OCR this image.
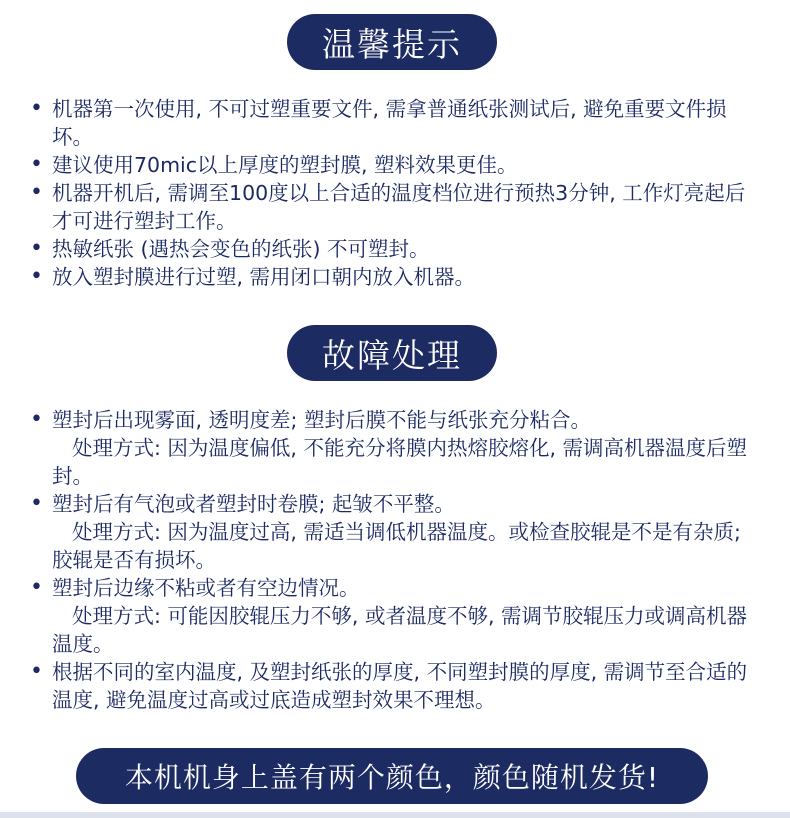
温馨提示
• 机器第一次使用, 不可过塑重要文件, 需拿普通纸张测试后, 避免重要文件损坏。
• 建议使用70mic以上厚度的塑封膜, 塑料效果更佳。
• 机器开机后, 需调至100度以上合适的温度档位进行预热3分钟, 工作灯亮起后才可进行塑封工作。
• 热敏纸张 (遇热会变色的纸张) 不可塑封。
• 放入塑封膜进行过塑, 需用闭口朝内放入机器。
故障处理
• 塑封后出现雾面, 透明度差; 塑封后膜不能与纸张充分粘合。
处理方式: 因为温度偏低, 不能充分将膜内热熔胶熔化, 需调高机器温度后塑封。
• 塑封后有气泡或者塑封时卷膜; 起皱不平整。
处理方式: 因为温度过高, 需适当调低机器温度。或检查胶辊是不是有杂质; 胶辊是否有损坏。
• 塑封后边缘不粘或者有空边情况。
处理方式: 可能因胶辊压力不够, 或者温度不够, 需调节胶辊压力或调高机器温度。
• 根据不同的室内温度, 及塑封纸张的厚度, 不同塑封膜的厚度, 需调节至合适的温度, 避免温度过高或过底造成塑封效果不理想。
本机机身上盖有两个颜色，颜色随机发货!
